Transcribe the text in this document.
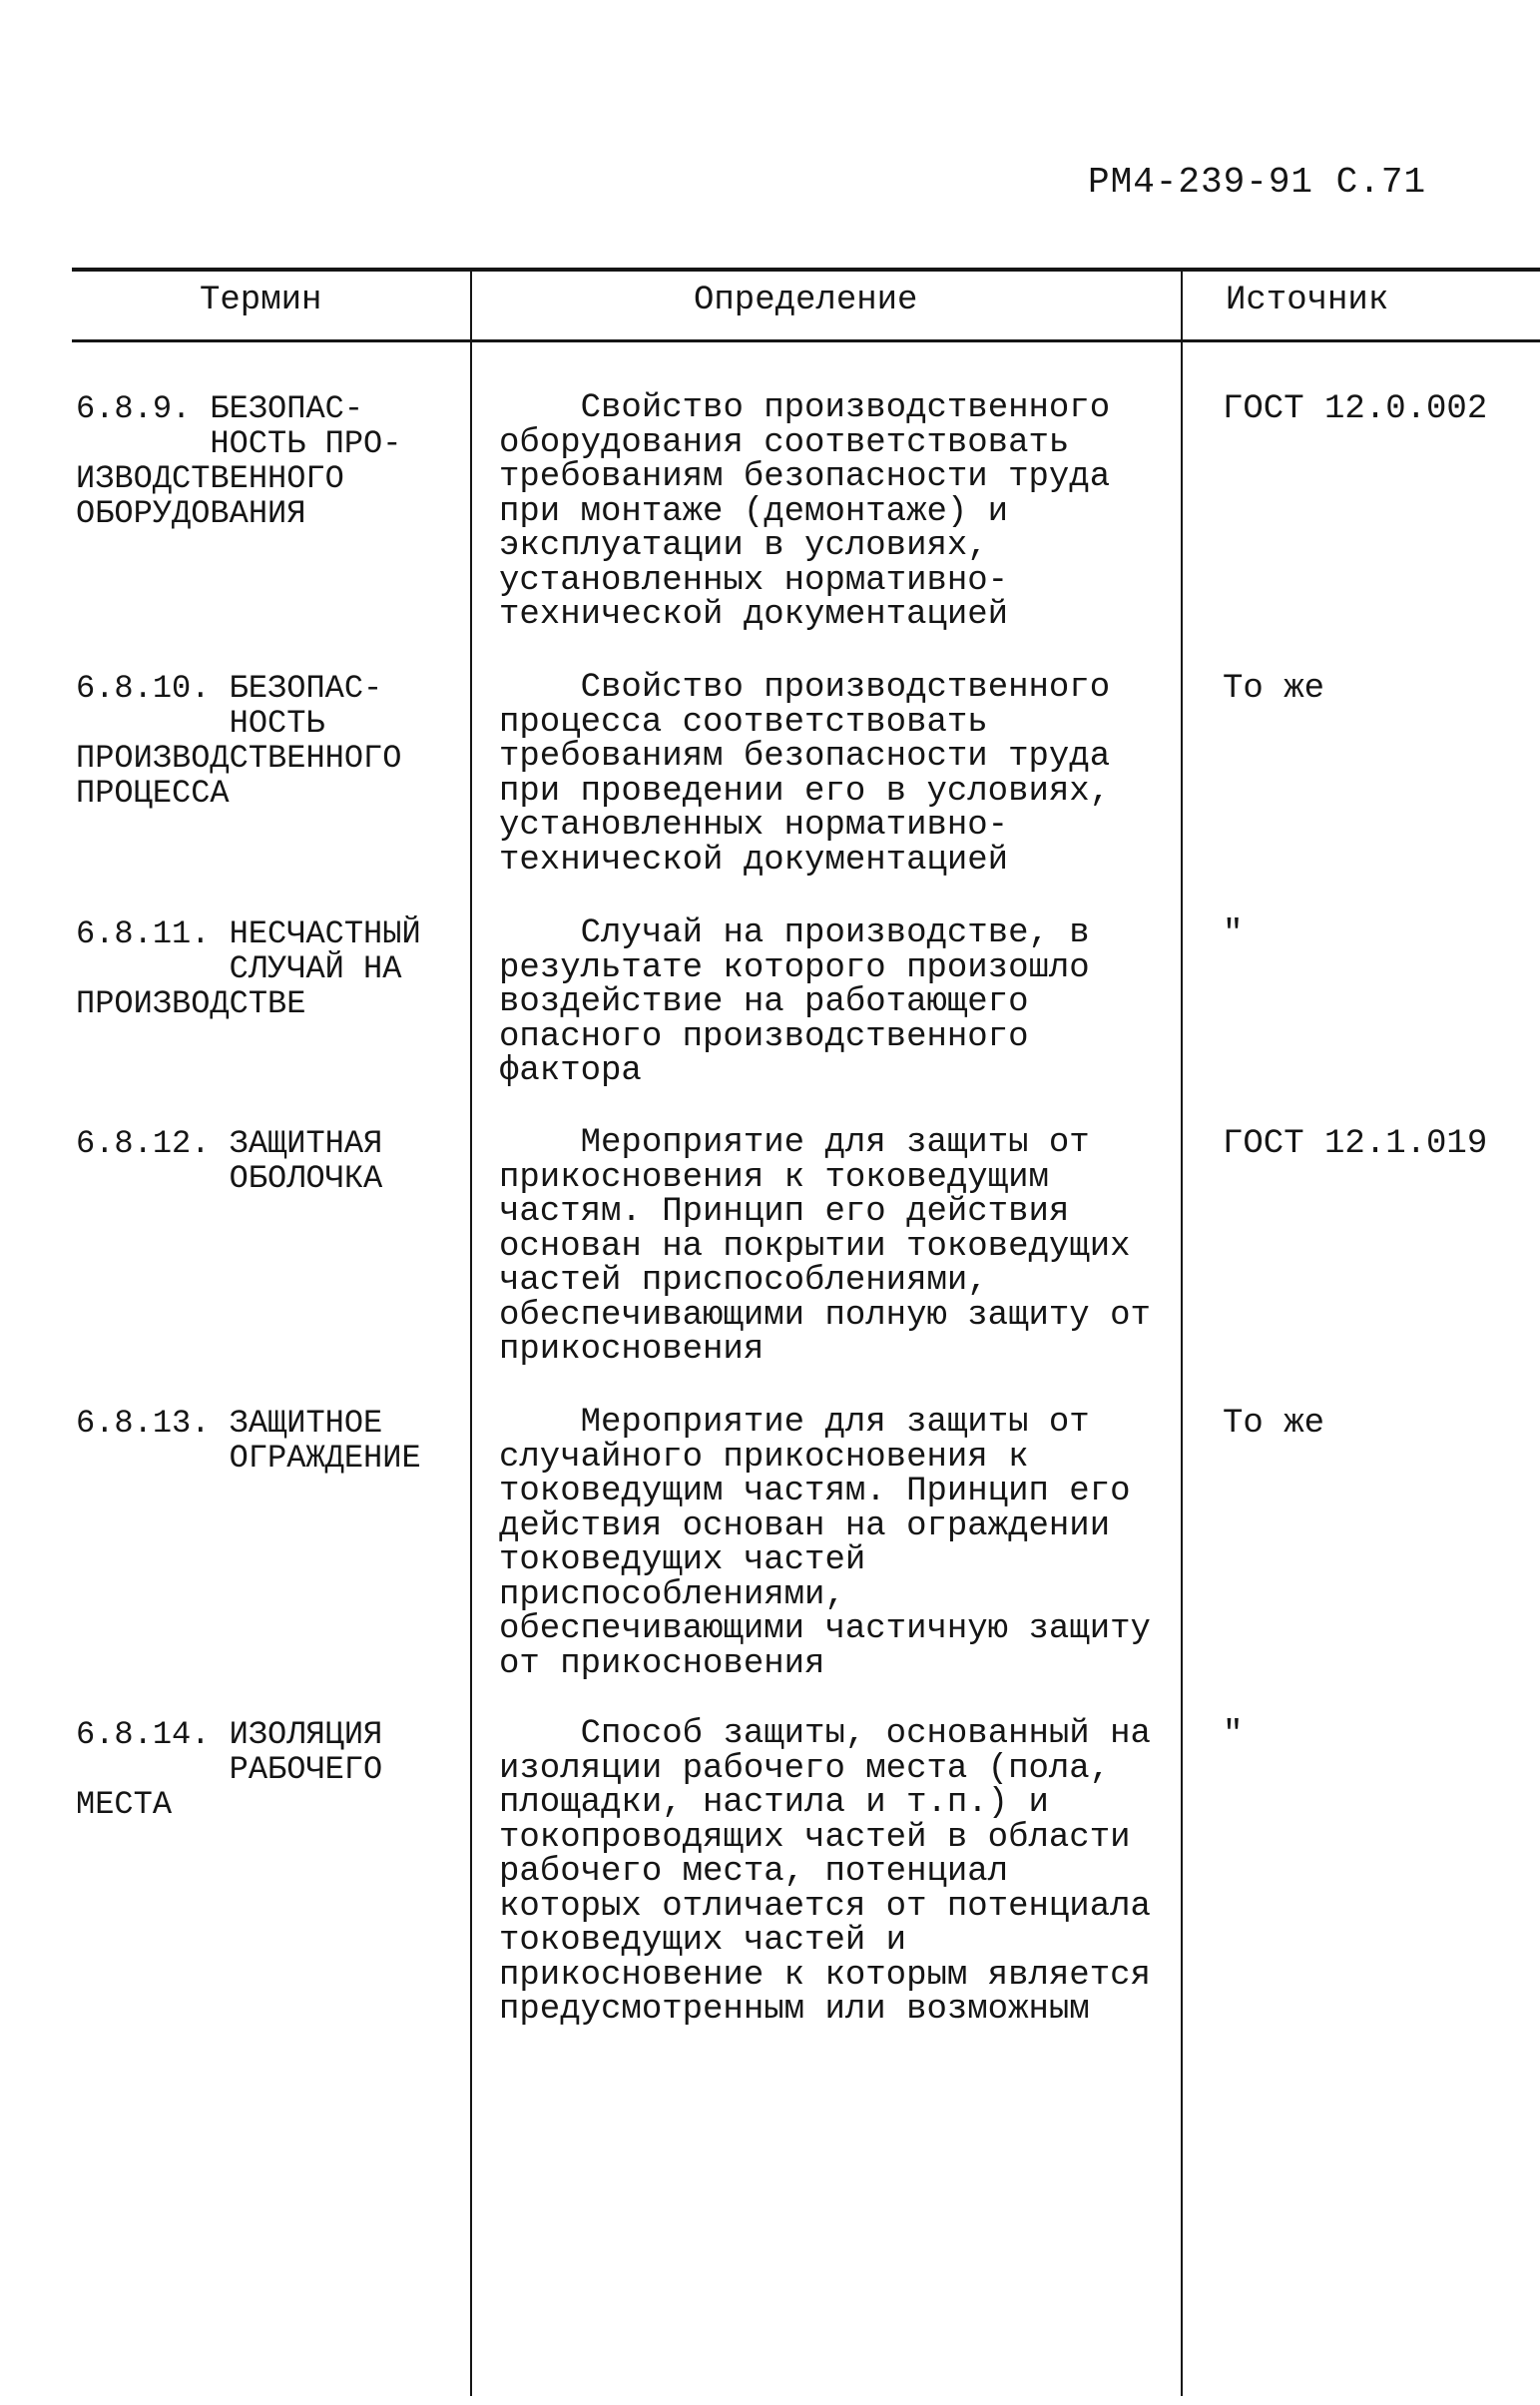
РМ4-239-91 С.71
Термин	Определение	Источник
6.8.9. БЕЗОПАС-
НОСТЬ ПРО-
ИЗВОДСТВЕННОГО
ОБОРУДОВАНИЯ
Свойство производственного оборудования соответствовать требованиям безопасности труда при монтаже (демонтаже) и эксплуатации в условиях, установленных нормативно-технической документацией
ГОСТ 12.0.002
6.8.10. БЕЗОПАС-
НОСТЬ
ПРОИЗВОДСТВЕННОГО
ПРОЦЕССА
Свойство производственного процесса соответствовать требованиям безопасности труда при проведении его в условиях, установленных нормативно-технической документацией
То же
6.8.11. НЕСЧАСТНЫЙ
СЛУЧАЙ НА
ПРОИЗВОДСТВЕ
Случай на производстве, в результате которого произошло воздействие на работающего опасного производственного фактора
"
6.8.12. ЗАЩИТНАЯ
ОБОЛОЧКА
Мероприятие для защиты от прикосновения к токоведущим частям. Принцип его действия основан на покрытии токоведущих частей приспособлениями, обеспечивающими полную защиту от прикосновения
ГОСТ 12.1.019
6.8.13. ЗАЩИТНОЕ
ОГРАЖДЕНИЕ
Мероприятие для защиты от случайного прикосновения к токоведущим частям. Принцип его действия основан на ограждении токоведущих частей приспособлениями, обеспечивающими частичную защиту от прикосновения
То же
6.8.14. ИЗОЛЯЦИЯ
РАБОЧЕГО
МЕСТА
Способ защиты, основанный на изоляции рабочего места (пола, площадки, настила и т.п.) и токопроводящих частей в области рабочего места, потенциал которых отличается от потенциала токоведущих частей и прикосновение к которым является предусмотренным или возможным
"
